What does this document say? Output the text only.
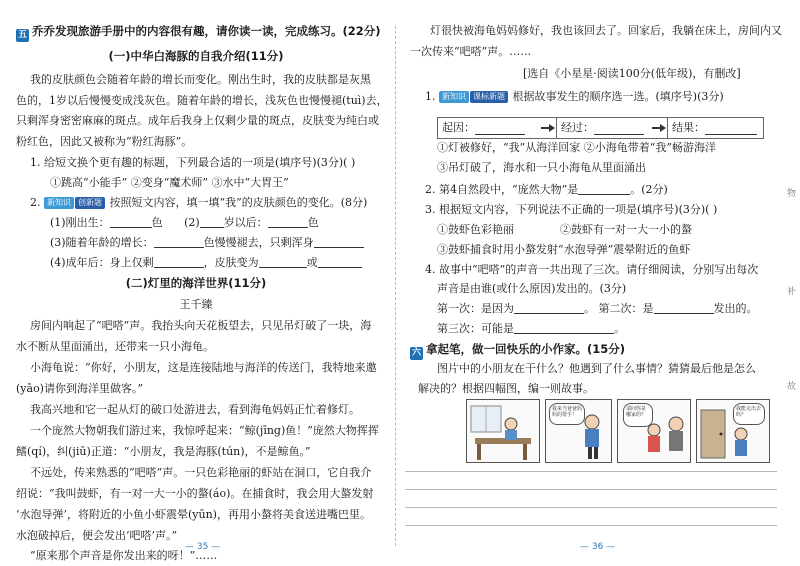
五 乔乔发现旅游手册中的内容很有趣，请你读一读，完成练习。(22分)
(一)中华白海豚的自我介绍(11分)
我的皮肤颜色会随着年龄的增长而变化。刚出生时，我的皮肤都是灰黑
色的，1岁以后慢慢变成浅灰色。随着年龄的增长，浅灰色也慢慢褪(tuì)去，
只剩浑身密密麻麻的斑点。成年后我身上仅剩少量的斑点，皮肤变为纯白或
粉红色，因此又被称为“粉红海豚”。
1. 给短文换个更有趣的标题，下列最合适的一项是(填序号)(3分)( )
①跳高“小能手” ②变身“魔术师” ③水中“大胃王”
2. 新知识 创新题 按照短文内容，填一填“我”的皮肤颜色的变化。(8分)
(1)刚出生：	色 (2) 岁以后：	色
(3)随着年龄的增长：	色慢慢褪去，只剩浑身
(4)成年后：身上仅剩	，皮肤变为	或
(二)灯里的海洋世界(11分)
王千臻
房间内响起了“吧嗒”声。我抬头向天花板望去，只见吊灯破了一块，海
水不断从里面涌出，还带来一只小海龟。
小海龟说：“你好，小朋友，这是连接陆地与海洋的传送门，我特地来邀
(yāo)请你到海洋里做客。”
我高兴地和它一起从灯的破口处游进去，看到海龟妈妈正忙着修灯。
一个庞然大物朝我们游过来，我惊呼起来：“鲸(jīng)鱼！”庞然大物挥挥
鳍(qí)，纠(jiū)正道：“小朋友，我是海豚(tún)，不是鲸鱼。”
不远处，传来熟悉的“吧嗒”声。一只色彩艳丽的虾站在洞口，它自我介
绍说：“我叫鼓虾，有一对一大一小的螯(áo)。在捕食时，我会用大螯发射
‘水泡导弹’，将附近的小鱼小虾震晕(yūn)，再用小螯将美食送进嘴巴里。
水泡破掉后，便会发出‘吧嗒’声。”
“原来那个声音是你发出来的呀！”……
— 35 —
灯很快被海龟妈妈修好，我也该回去了。回家后，我躺在床上，房间内又
一次传来“吧嗒”声。……
[选自《小星星·阅读100分(低年级)，有删改]
1. 新知识 课标新题 根据故事发生的顺序选一选。(填序号)(3分)
起因：	经过：	结果：
①灯被修好，“我”从海洋回家 ②小海龟带着“我”畅游海洋
③吊灯破了，海水和一只小海龟从里面涌出
2. 第4自然段中，“庞然大物”是	。(2分)
3. 根据短文内容，下列说法不正确的一项是(填序号)(3分)( )
①鼓虾色彩艳丽	②鼓虾有一对一大一小的螯
③鼓虾捕食时用小螯发射“水泡导弹”震晕附近的鱼虾
4. 故事中“吧嗒”的声音一共出现了三次。请仔细阅读，分别写出每次
声音是由谁(或什么原因)发出的。(3分)
第一次：是因为	。 第二次：是	发出的。
第三次：可能是	。
六 拿起笔，做一回快乐的小作家。(15分)
图片中的小朋友在干什么？他遇到了什么事情？猜猜最后他是怎么
解决的？根据四幅图，编一则故事。
我来当爸爸妈妈的帮手！
请问你是哪家的？
我能走出去吗？
物
补
故
— 36 —
